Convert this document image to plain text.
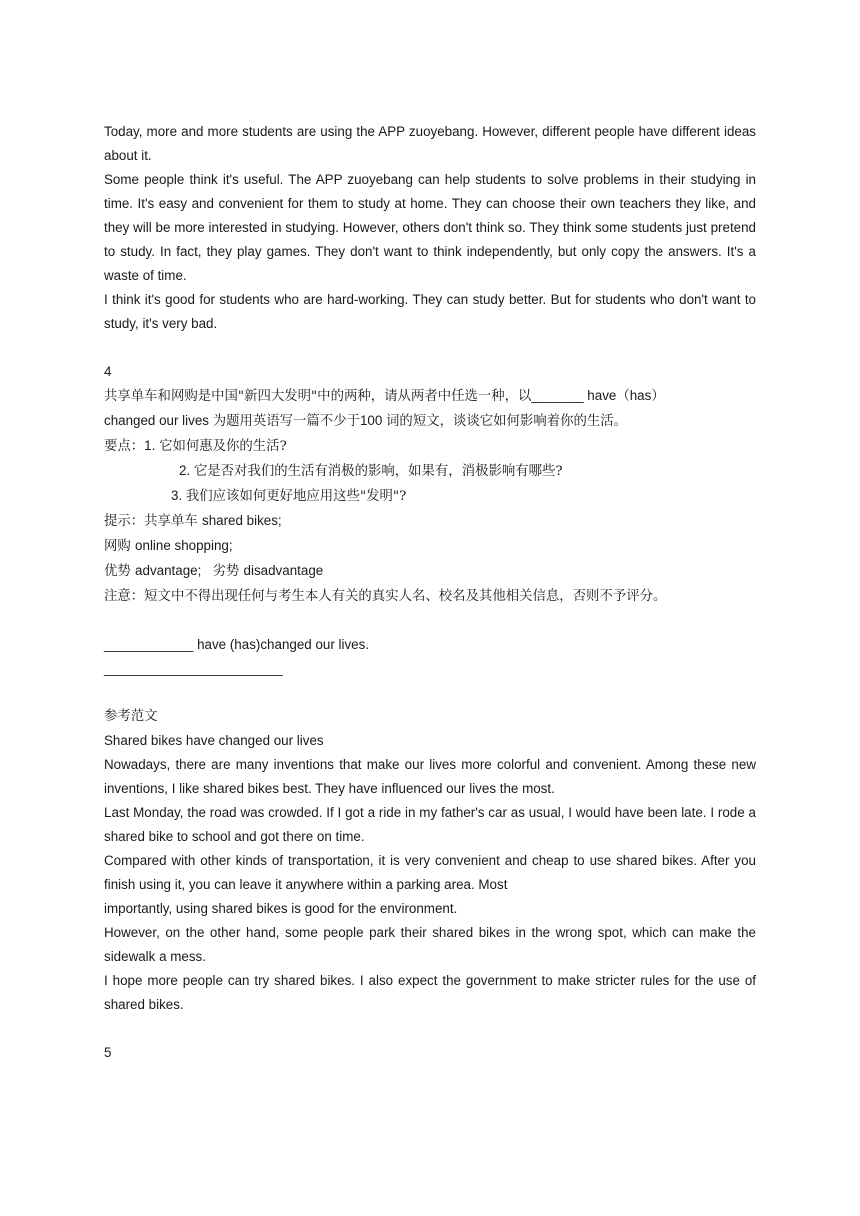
Today, more and more students are using the APP zuoyebang. However, different people have different ideas about it.
Some people think it's useful. The APP zuoyebang can help students to solve problems in their studying in time. It's easy and convenient for them to study at home. They can choose their own teachers they like, and they will be more interested in studying. However, others don't think so. They think some students just pretend to study. In fact, they play games. They don't want to think independently, but only copy the answers. It's a waste of time.
I think it's good for students who are hard-working. They can study better. But for students who don't want to study, it's very bad.
4
共享单车和网购是中国"新四大发明"中的两种，请从两者中任选一种，以_______ have（has）
changed our lives 为题用英语写一篇不少于100 词的短文，谈谈它如何影响着你的生活。
要点：1. 它如何惠及你的生活?
2. 它是否对我们的生活有消极的影响，如果有，消极影响有哪些?
3. 我们应该如何更好地应用这些"发明"?
提示：共享单车 shared bikes;
网购 online shopping;
优势 advantage;   劣势 disadvantage
注意：短文中不得出现任何与考生本人有关的真实人名、校名及其他相关信息，否则不予评分。
____________ have (has)changed our lives.
________________________
参考范文
Shared bikes have changed our lives
Nowadays, there are many inventions that make our lives more colorful and convenient. Among these new inventions, I like shared bikes best. They have influenced our lives the most.
Last Monday, the road was crowded. If I got a ride in my father's car as usual, I would have been late. I rode a shared bike to school and got there on time.
Compared with other kinds of transportation, it is very convenient and cheap to use shared bikes. After you finish using it, you can leave it anywhere within a parking area. Most
importantly, using shared bikes is good for the environment.
However, on the other hand, some people park their shared bikes in the wrong spot, which can make the sidewalk a mess.
I hope more people can try shared bikes. I also expect the government to make stricter rules for the use of shared bikes.
5
